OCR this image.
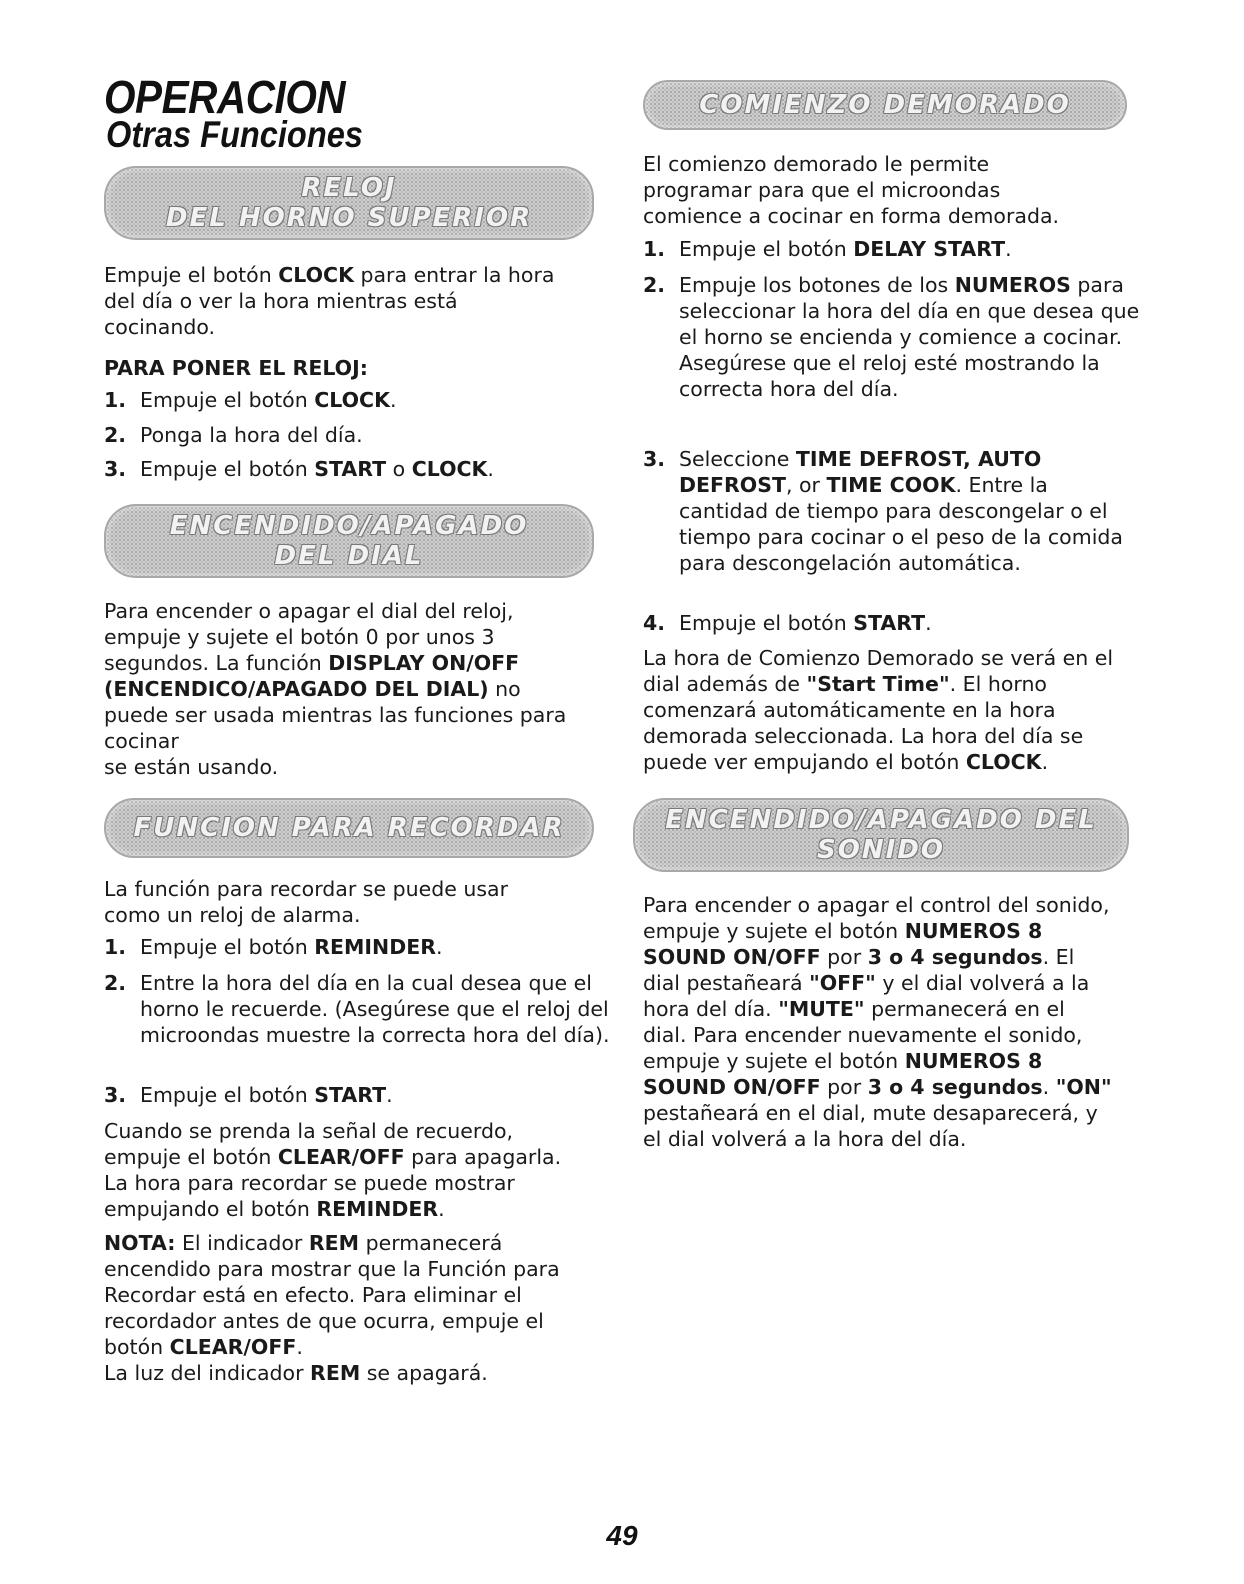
OPERACION
Otras Funciones
RELOJ
DEL HORNO SUPERIOR

Empuje el botón CLOCK para entrar la hora del día o ver la hora mientras está cocinando.

PARA PONER EL RELOJ:

1. Empuje el botón CLOCK.

2. Ponga la hora del día.

3. Empuje el botón START o CLOCK.

ENCENDIDO/APAGADO
DEL DIAL

Para encender o apagar el dial del reloj, empuje y sujete el botón 0 por unos 3 segundos. La función DISPLAY ON/OFF (ENCENDICO/APAGADO DEL DIAL) no puede ser usada mientras las funciones para cocinar
se están usando.

FUNCION PARA RECORDAR

La función para recordar se puede usar como un reloj de alarma.

1. Empuje el botón REMINDER.

2. Entre la hora del día en la cual desea que el horno le recuerde. (Asegúrese que el reloj del microondas muestre la correcta hora del día).

3. Empuje el botón START.

Cuando se prenda la señal de recuerdo, empuje el botón CLEAR/OFF para apagarla. La hora para recordar se puede mostrar empujando el botón REMINDER.

NOTA: El indicador REM permanecerá encendido para mostrar que la Función para Recordar está en efecto. Para eliminar el recordador antes de que ocurra, empuje el botón CLEAR/OFF.
La luz del indicador REM se apagará.

COMIENZO DEMORADO

El comienzo demorado le permite programar para que el microondas comience a cocinar en forma demorada.

1. Empuje el botón DELAY START.

2. Empuje los botones de los NUMEROS para seleccionar la hora del día en que desea que el horno se encienda y comience a cocinar. Asegúrese que el reloj esté mostrando la correcta hora del día.

3. Seleccione TIME DEFROST, AUTO DEFROST, or TIME COOK. Entre la cantidad de tiempo para descongelar o el tiempo para cocinar o el peso de la comida para descongelación automática.

4. Empuje el botón START.

La hora de Comienzo Demorado se verá en el dial además de "Start Time". El horno comenzará automáticamente en la hora demorada seleccionada. La hora del día se puede ver empujando el botón CLOCK.

ENCENDIDO/APAGADO DEL
SONIDO

Para encender o apagar el control del sonido, empuje y sujete el botón NUMEROS 8 SOUND ON/OFF por 3 o 4 segundos. El dial pestañeará "OFF" y el dial volverá a la hora del día. "MUTE" permanecerá en el dial. Para encender nuevamente el sonido, empuje y sujete el botón NUMEROS 8 SOUND ON/OFF por 3 o 4 segundos. "ON" pestañeará en el dial, mute desaparecerá, y el dial volverá a la hora del día.

49
